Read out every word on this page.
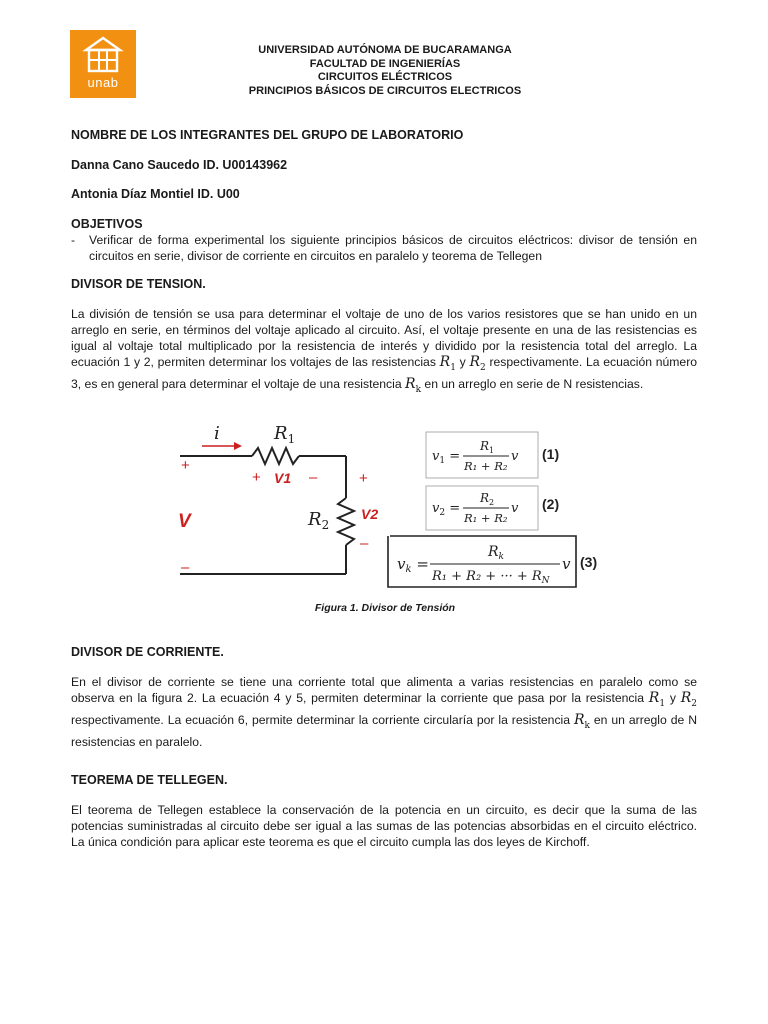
unab
UNIVERSIDAD AUTÓNOMA DE BUCARAMANGA
FACULTAD DE INGENIERÍAS
CIRCUITOS ELÉCTRICOS
PRINCIPIOS BÁSICOS DE CIRCUITOS ELECTRICOS
NOMBRE DE LOS INTEGRANTES DEL GRUPO DE LABORATORIO
Danna Cano Saucedo ID. U00143962
Antonia Díaz Montiel ID. U00
OBJETIVOS
- Verificar de forma experimental los siguiente principios básicos de circuitos eléctricos: divisor de tensión en circuitos en serie, divisor de corriente en circuitos en paralelo y teorema de Tellegen
DIVISOR DE TENSION.
La división de tensión se usa para determinar el voltaje de uno de los varios resistores que se han unido en un arreglo en serie, en términos del voltaje aplicado al circuito. Así, el voltaje presente en una de las resistencias es igual al voltaje total multiplicado por la resistencia de interés y dividido por la resistencia total del arreglo. La ecuación 1 y 2, permiten determinar los voltajes de las resistencias $R_1$ y $R_2$ respectivamente. La ecuación número 3, es en general para determinar el voltaje de una resistencia $R_k$ en un arreglo en serie de N resistencias.
i	$R_1$
+
+ V1 –	+
$R_2$
V2
–
V
–
$v_1$ =
$R_1$
R₁ + R₂
v (1)
$v_2$ =
$R_2$
R₁ + R₂
v (2)
$v_k$ =
$R_k$
R₁ + R₂ + ··· + $R_N$
v (3)
Figura 1. Divisor de Tensión
DIVISOR DE CORRIENTE.
En el divisor de corriente se tiene una corriente total que alimenta a varias resistencias en paralelo como se observa en la figura 2. La ecuación 4 y 5, permiten determinar la corriente que pasa por la resistencia $R_1$ y $R_2$ respectivamente. La ecuación 6, permite determinar la corriente circularía por la resistencia $R_k$ en un arreglo de N resistencias en paralelo.
TEOREMA DE TELLEGEN.
El teorema de Tellegen establece la conservación de la potencia en un circuito, es decir que la suma de las potencias suministradas al circuito debe ser igual a las sumas de las potencias absorbidas en el circuito eléctrico. La única condición para aplicar este teorema es que el circuito cumpla las dos leyes de Kirchoff.
